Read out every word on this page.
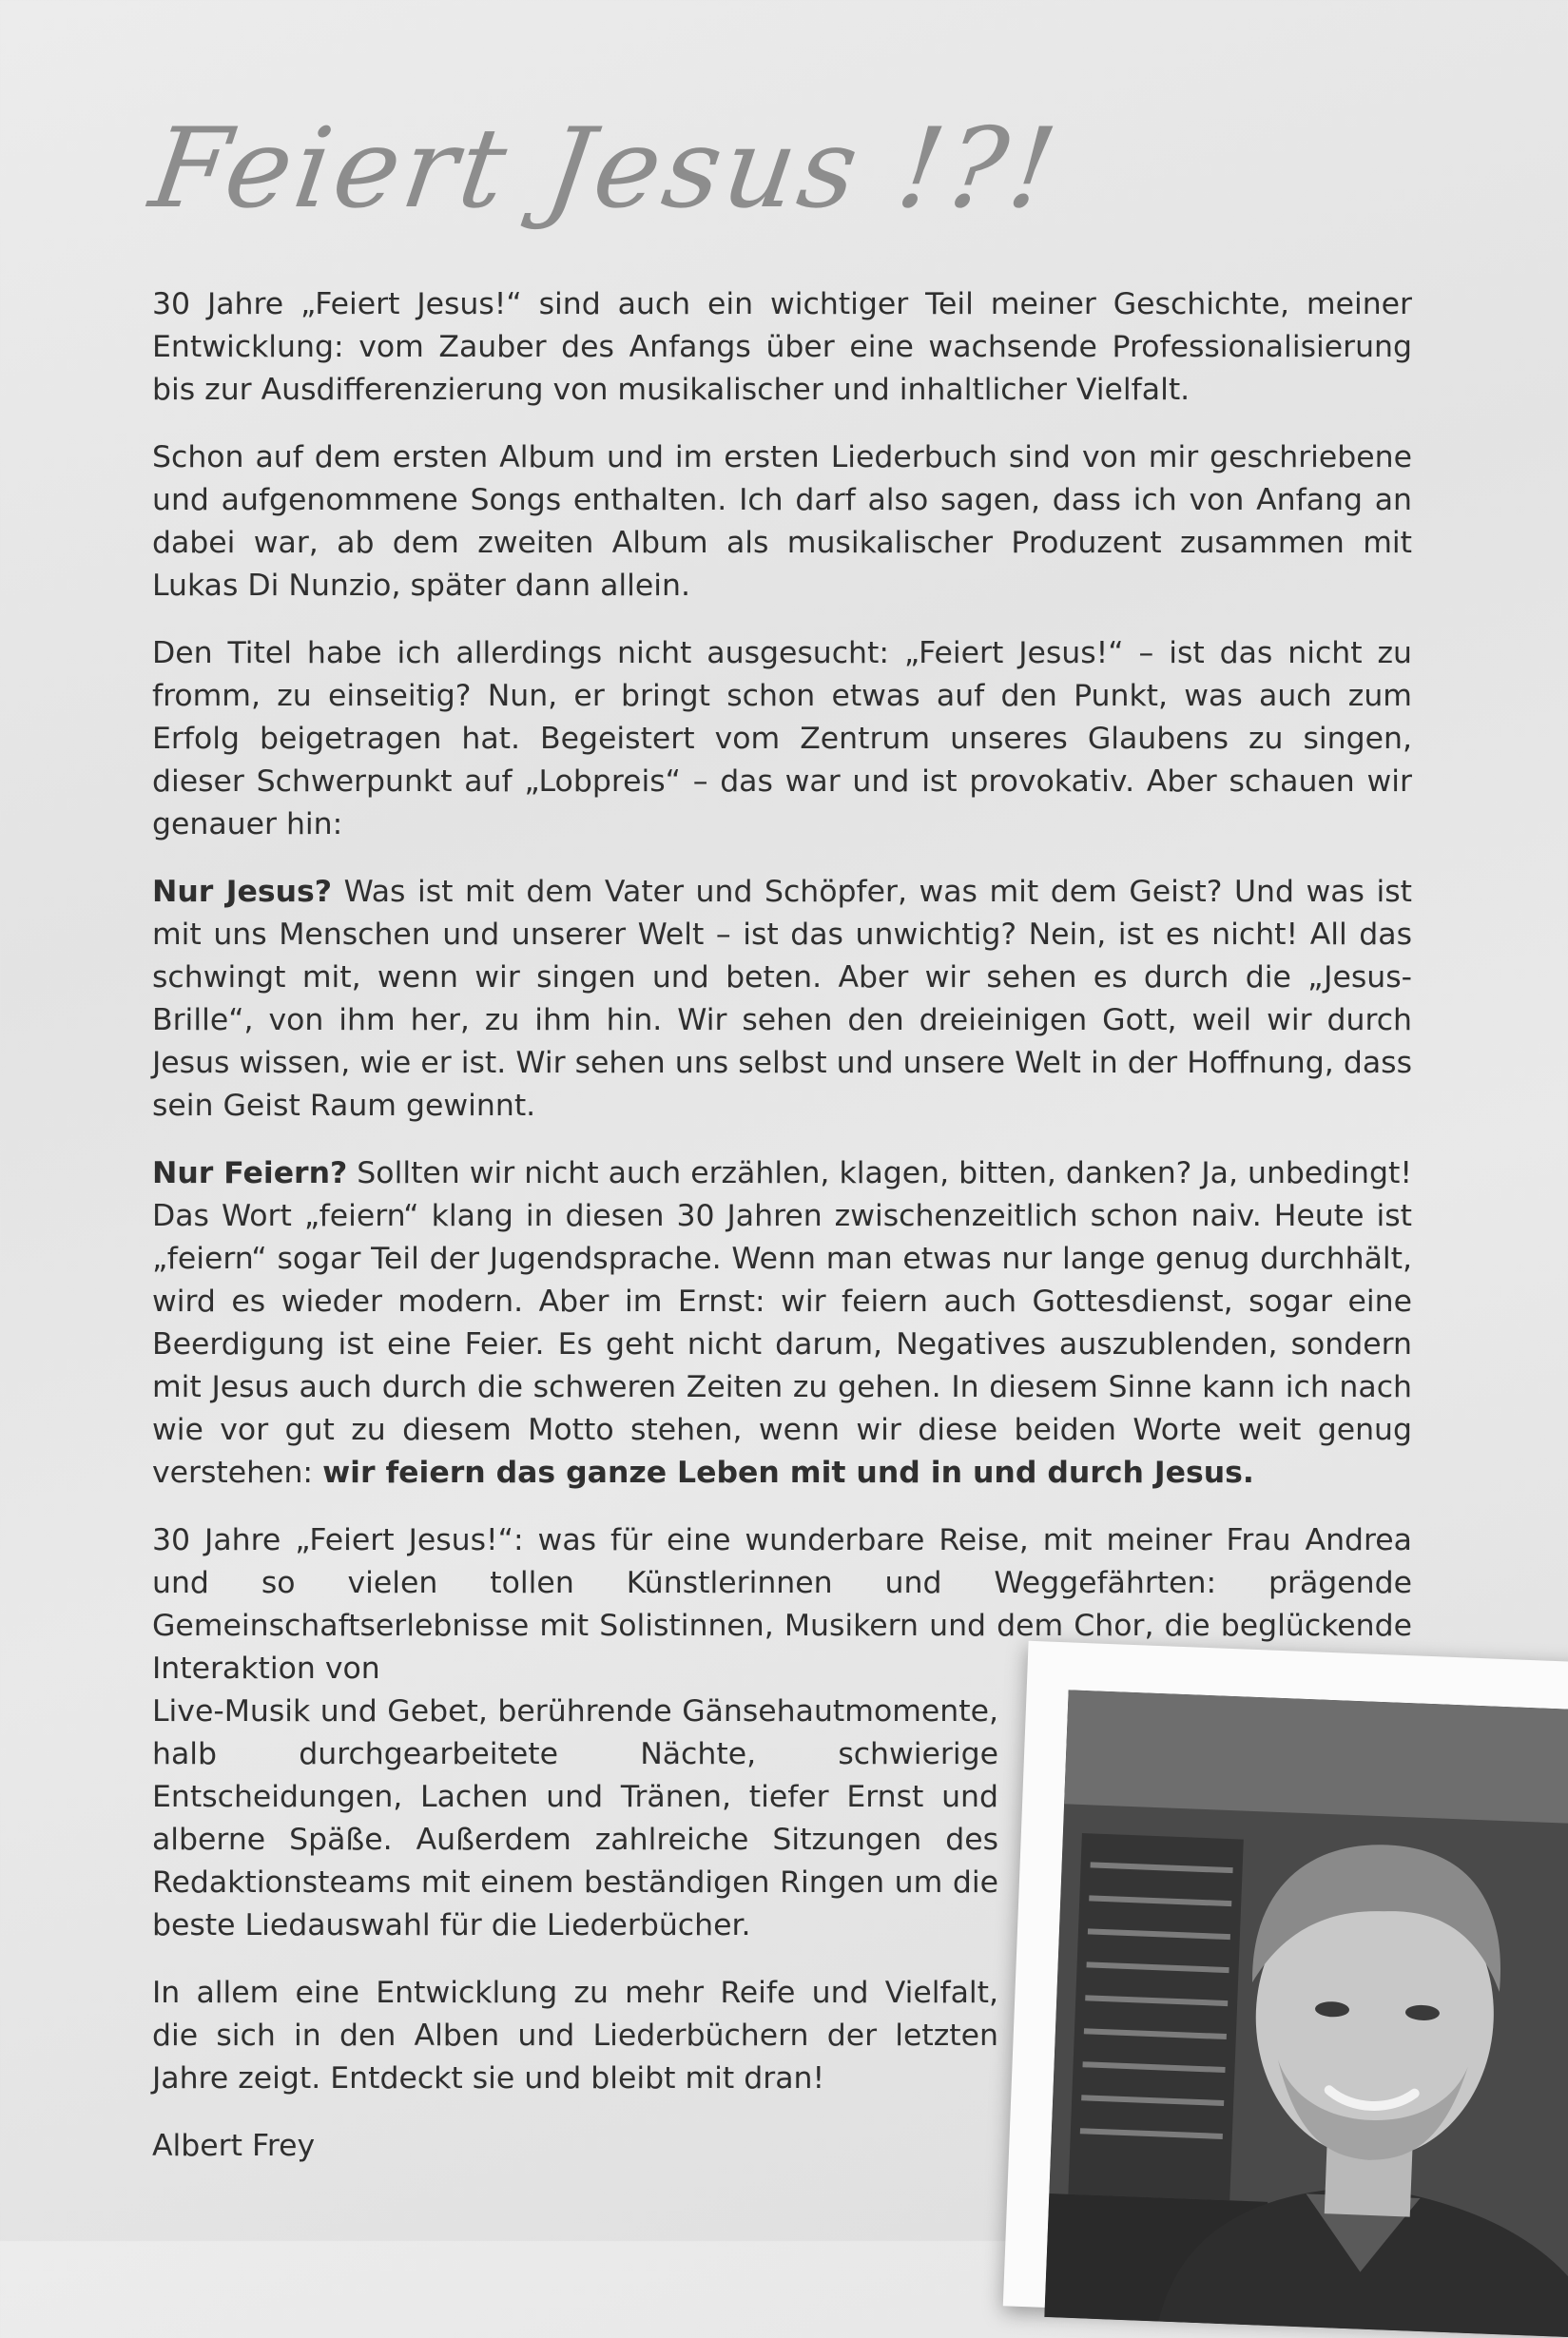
Feiert Jesus !?!

30 Jahre „Feiert Jesus!“ sind auch ein wichtiger Teil meiner Geschichte, meiner Entwicklung: vom Zauber des Anfangs über eine wachsende Professionalisierung bis zur Ausdifferenzierung von musikalischer und inhaltlicher Vielfalt.

Schon auf dem ersten Album und im ersten Liederbuch sind von mir geschriebene und aufgenommene Songs enthalten. Ich darf also sagen, dass ich von Anfang an dabei war, ab dem zweiten Album als musikalischer Produzent zusammen mit Lukas Di Nunzio, später dann allein.

Den Titel habe ich allerdings nicht ausgesucht: „Feiert Jesus!“ – ist das nicht zu fromm, zu einseitig? Nun, er bringt schon etwas auf den Punkt, was auch zum Erfolg beigetragen hat. Begeistert vom Zentrum unseres Glaubens zu singen, dieser Schwerpunkt auf „Lobpreis“ – das war und ist provokativ. Aber schauen wir genauer hin:

Nur Jesus? Was ist mit dem Vater und Schöpfer, was mit dem Geist? Und was ist mit uns Menschen und unserer Welt – ist das unwichtig? Nein, ist es nicht! All das schwingt mit, wenn wir singen und beten. Aber wir sehen es durch die „Jesus-Brille“, von ihm her, zu ihm hin. Wir sehen den dreieinigen Gott, weil wir durch Jesus wissen, wie er ist. Wir sehen uns selbst und unsere Welt in der Hoffnung, dass sein Geist Raum gewinnt.

Nur Feiern? Sollten wir nicht auch erzählen, klagen, bitten, danken? Ja, unbedingt! Das Wort „feiern“ klang in diesen 30 Jahren zwischenzeitlich schon naiv. Heute ist „feiern“ sogar Teil der Jugendsprache. Wenn man etwas nur lange genug durchhält, wird es wieder modern. Aber im Ernst: wir feiern auch Gottesdienst, sogar eine Beerdigung ist eine Feier. Es geht nicht darum, Negatives auszublenden, sondern mit Jesus auch durch die schweren Zeiten zu gehen. In diesem Sinne kann ich nach wie vor gut zu diesem Motto stehen, wenn wir diese beiden Worte weit genug verstehen: wir feiern das ganze Leben mit und in und durch Jesus.

30 Jahre „Feiert Jesus!“: was für eine wunderbare Reise, mit meiner Frau Andrea und so vielen tollen Künstlerinnen und Weggefährten: prägende Gemeinschaftserlebnisse mit Solistinnen, Musikern und dem Chor, die beglückende Interaktion von

Live-Musik und Gebet, berührende Gänsehautmomente, halb durchgearbeitete Nächte, schwierige Entscheidungen, Lachen und Tränen, tiefer Ernst und alberne Späße. Außerdem zahlreiche Sitzungen des Redaktionsteams mit einem beständigen Ringen um die beste Liedauswahl für die Liederbücher.

In allem eine Entwicklung zu mehr Reife und Vielfalt, die sich in den Alben und Liederbüchern der letzten Jahre zeigt. Entdeckt sie und bleibt mit dran!

Albert Frey
